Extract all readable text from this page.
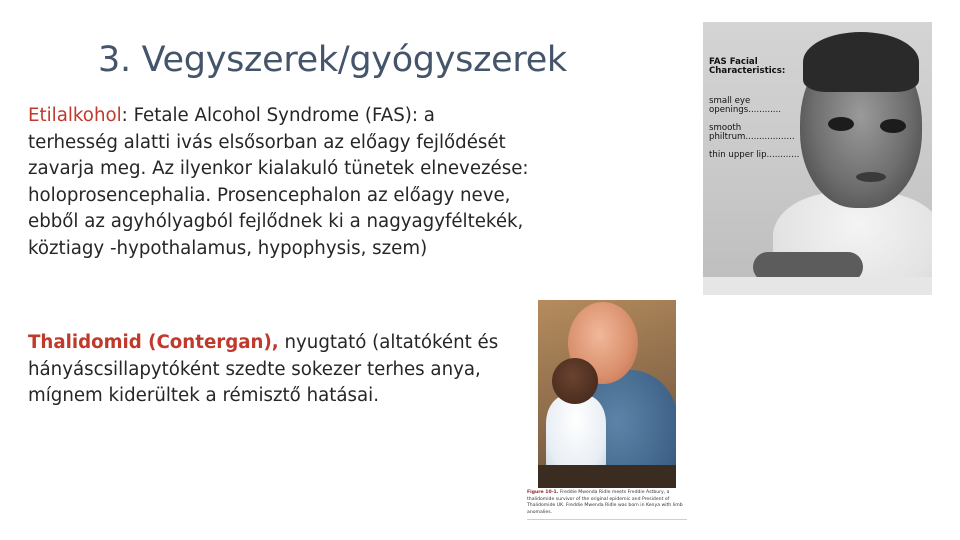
3. Vegyszerek/gyógyszerek
Etilalkohol: Fetale Alcohol Syndrome (FAS): a
terhesség alatti ivás elsősorban az előagy fejlődését
zavarja meg. Az ilyenkor kialakuló tünetek elnevezése:
holoprosencephalia. Prosencephalon az előagy neve,
ebből az agyhólyagból fejlődnek ki a nagyagyféltekék,
köztiagy -hypothalamus, hypophysis, szem)
Thalidomid (Contergan), nyugtató (altatóként és
hányáscsillapytóként szedte sokezer terhes anya,
mígnem kiderültek a rémisztő hatásai.
FAS Facial
Characteristics:
small eye
openings............
smooth
philtrum..................
thin upper lip............
Figure 10-1. Freddie Mwenda Ridle meets Freddie Astbury, a thalidomide survivor of the original epidemic and President of Thalidomide UK. Freddie Mwenda Ridle was born in Kenya with limb anomalies.
